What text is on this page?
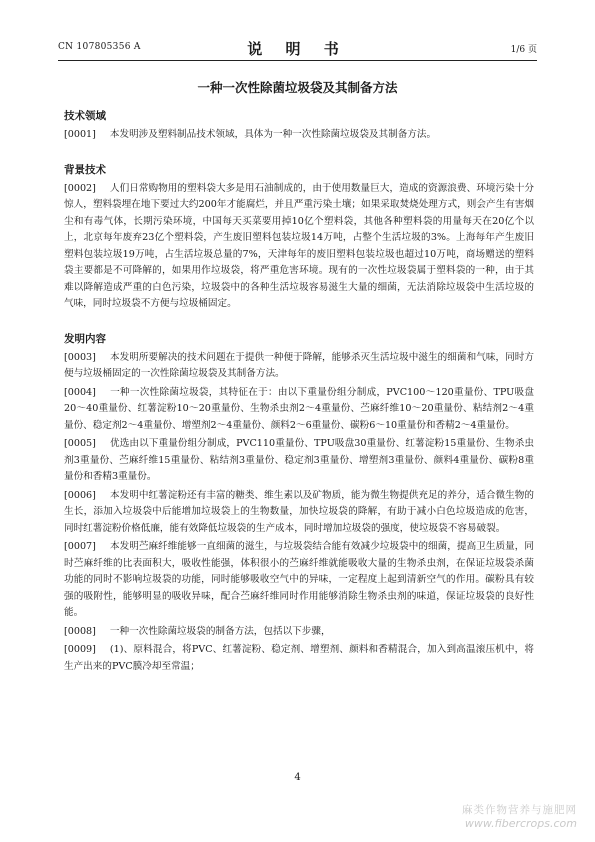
CN 107805356 A	说 明 书	1/6 页
一种一次性除菌垃圾袋及其制备方法
技术领域

[0001] 本发明涉及塑料制品技术领域，具体为一种一次性除菌垃圾袋及其制备方法。

背景技术

[0002] 人们日常购物用的塑料袋大多是用石油制成的，由于使用数量巨大，造成的资源浪费、环境污染十分惊人，塑料袋埋在地下要过大约200年才能腐烂，并且严重污染土壤；如果采取焚烧处理方式，则会产生有害烟尘和有毒气体，长期污染环境，中国每天买菜要用掉10亿个塑料袋，其他各种塑料袋的用量每天在20亿个以上，北京每年废弃23亿个塑料袋，产生废旧塑料包装垃圾14万吨，占整个生活垃圾的3%。上海每年产生废旧塑料包装垃圾19万吨，占生活垃圾总量的7%，天津每年的废旧塑料包装垃圾也超过10万吨，商场赠送的塑料袋主要都是不可降解的，如果用作垃圾袋，将严重危害环境。现有的一次性垃圾袋属于塑料袋的一种，由于其难以降解造成严重的白色污染，垃圾袋中的各种生活垃圾容易滋生大量的细菌，无法消除垃圾袋中生活垃圾的气味，同时垃圾袋不方便与垃圾桶固定。

发明内容

[0003] 本发明所要解决的技术问题在于提供一种便于降解，能够杀灭生活垃圾中滋生的细菌和气味，同时方便与垃圾桶固定的一次性除菌垃圾袋及其制备方法。

[0004] 一种一次性除菌垃圾袋，其特征在于：由以下重量份组分制成，PVC100～120重量份、TPU吸盘20～40重量份、红薯淀粉10～20重量份、生物杀虫剂2～4重量份、苎麻纤维10～20重量份、粘结剂2～4重量份、稳定剂2～4重量份、增塑剂2～4重量份、颜料2～6重量份、碳粉6～10重量份和香精2～4重量份。

[0005] 优选由以下重量份组分制成，PVC110重量份、TPU吸盘30重量份、红薯淀粉15重量份、生物杀虫剂3重量份、苎麻纤维15重量份、粘结剂3重量份、稳定剂3重量份、增塑剂3重量份、颜料4重量份、碳粉8重量份和香精3重量份。

[0006] 本发明中红薯淀粉还有丰富的糖类、维生素以及矿物质，能为微生物提供充足的养分，适合微生物的生长，添加入垃圾袋中后能增加垃圾袋上的生物数量，加快垃圾袋的降解，有助于减小白色垃圾造成的危害，同时红薯淀粉价格低廉，能有效降低垃圾袋的生产成本，同时增加垃圾袋的强度，使垃圾袋不容易破裂。

[0007] 本发明苎麻纤维能够一直细菌的滋生，与垃圾袋结合能有效减少垃圾袋中的细菌，提高卫生质量，同时苎麻纤维的比表面积大，吸收性能强，体积很小的苎麻纤维就能吸收大量的生物杀虫剂，在保证垃圾袋杀菌功能的同时不影响垃圾袋的功能，同时能够吸收空气中的异味，一定程度上起到清新空气的作用。碳粉具有较强的吸附性，能够明显的吸收异味，配合苎麻纤维同时作用能够消除生物杀虫剂的味道，保证垃圾袋的良好性能。

[0008] 一种一次性除菌垃圾袋的制备方法，包括以下步骤，

[0009] (1)、原料混合，将PVC、红薯淀粉、稳定剂、增塑剂、颜料和香精混合，加入到高温滚压机中，将生产出来的PVC膜冷却至常温；

4
麻类作物营养与施肥网
www.fibercrops.com
